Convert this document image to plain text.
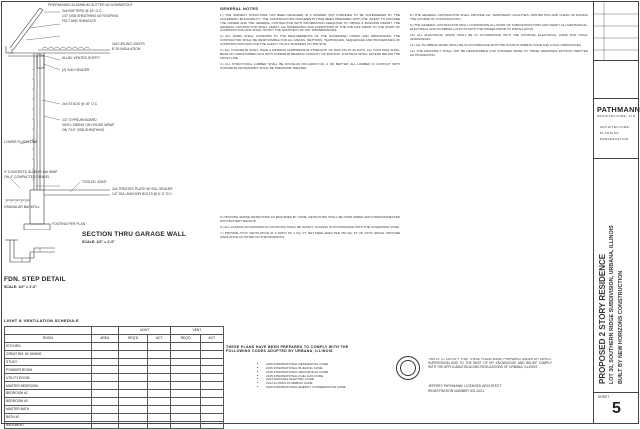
PREFINISHED ALUMINUM GUTTER W/ DOWNSPOUT
2x6 RAFTERS @ 16" O.C.
1/2" OSB SHEATHING W/ ROOFING
FELT AND SHINGLES
ALUM. VENTED SOFFIT
(2) 2x10 HEADER
2x4 STUDS @ 16" O.C.
1/2" GYPSUM BOARD
VINYL SIDING ON HOUSE WRAP
ON 7/16" OSB SHEATHING
4" CONCRETE SLAB W/ 6x6 WWF
ON 4" COMPACTED GRAVEL
TOOLED JOINT
2x4 TREATED PLATE W/ SILL SEALER
1/2" DIA. ANCHOR BOLTS @ 6'-0" O.C.
GRANULAR BACKFILL
FOOTING PER PLAN
2x6 CEILING JOISTS
R-30 INSULATION
LOWER FLOOR LINE
SECTION THRU GARAGE WALL
SCALE: 1/2" = 1'-0"
FDN. STEP DETAIL
SCALE: 1/2" = 1'-0"
LIGHT & VENTILATION SCHEDULE
		LIGHT		VENT.	
ROOM	AREA	REQ'D	ACT.	REQ'D	ACT.
KITCHEN					
GREAT RM. W/ DINING					
STUDY					
POWDER ROOM					
UTILITY ROOM					
MASTER BEDROOM					
BEDROOM #2					
BEDROOM #3					
MASTER BATH					
BATH #2					
BASEMENT					
GENERAL NOTES

1.) THE SUBJECT STRUCTURE HAS BEEN DESIGNED IN A MANNER NOT INTENDED TO BE SUPERSEDED BY THE GOVERNING MUNICIPALITY. THE CONSTRUCTION DOCUMENTS HAVE BEEN PREPARED WITH THE INTENT TO PROVIDE THE OWNER AND THE GENERAL CONTRACTOR WITH INFORMATION ADEQUATE TO OBTAIN A BUILDING PERMIT. THE GENERAL CONTRACTOR SHALL VERIFY ALL DIMENSIONS AND CONDITIONS AT THE JOB SITE PRIOR TO THE START OF CONSTRUCTION AND SHALL NOTIFY THE ARCHITECT OF ANY DISCREPANCIES.

2.) ALL WORK SHALL CONFORM TO THE REQUIREMENTS OF THE GOVERNING CODES AND ORDINANCES. THE CONTRACTOR SHALL BE RESPONSIBLE FOR ALL MEANS, METHODS, TECHNIQUES, SEQUENCES AND PROCEDURES OF CONSTRUCTION AND FOR THE SAFETY OF ALL WORKERS ON THE SITE.

3.) ALL CONCRETE SHALL HAVE A MINIMUM COMPRESSIVE STRENGTH OF 3000 PSI AT 28 DAYS. ALL FOOTINGS SHALL BEAR ON UNDISTURBED SOIL WITH A MINIMUM BEARING CAPACITY OF 3000 PSF. FOOTINGS SHALL EXTEND BELOW THE FROST LINE.

4.) ALL STRUCTURAL LUMBER SHALL BE DOUGLAS FIR-LARCH NO. 2 OR BETTER. ALL LUMBER IN CONTACT WITH CONCRETE OR MASONRY SHALL BE PRESSURE TREATED.

5.) PROVIDE SMOKE DETECTORS AS REQUIRED BY CODE. DETECTORS SHALL BE HARD WIRED AND INTERCONNECTED WITH BATTERY BACKUP.

6.) ALL GLAZING IN HAZARDOUS LOCATIONS SHALL BE SAFETY GLAZING IN ACCORDANCE WITH THE GOVERNING CODE.

7.) PROVIDE ATTIC VENTILATION AT A RATIO OF 1 SQ. FT. NET FREE AREA PER 150 SQ. FT. OF ATTIC SPACE. PROVIDE INSULATION AS NOTED ON THE DRAWINGS.

THESE PLANS HAVE BEEN PREPARED TO COMPLY WITH THE FOLLOWING CODES ADOPTED BY URBANA, ILLINOIS
• 2015 INTERNATIONAL RESIDENTIAL CODE
• 2015 INTERNATIONAL BUILDING CODE
• 2015 INTERNATIONAL MECHANICAL CODE
• 2015 INTERNATIONAL FUEL GAS CODE
• 2014 NATIONAL ELECTRIC CODE
• 2014 ILLINOIS PLUMBING CODE
• 2015 INTERNATIONAL ENERGY CONSERVATION CODE

8.) THE GENERAL CONTRACTOR SHALL PROVIDE ALL TEMPORARY FACILITIES, PROTECTION AND CLEAN UP DURING THE COURSE OF CONSTRUCTION.

9.) THE GENERAL CONTRACTOR SHALL COORDINATE ALL WORK OF SUBCONTRACTORS AND VERIFY ALL MECHANICAL, ELECTRICAL AND PLUMBING LAYOUTS WITH THE OWNER PRIOR TO INSTALLATION.

10.) ALL ELECTRICAL WORK SHALL BE IN ACCORDANCE WITH THE NATIONAL ELECTRICAL CODE AND LOCAL ORDINANCES.

11.) ALL PLUMBING WORK SHALL BE IN ACCORDANCE WITH THE STATE PLUMBING CODE AND LOCAL ORDINANCES.

12.) THE ARCHITECT SHALL NOT BE RESPONSIBLE FOR CHANGES MADE TO THESE DRAWINGS WITHOUT WRITTEN AUTHORIZATION.

THIS IS TO CERTIFY THAT THESE PLANS WERE PREPARED UNDER MY DIRECT SUPERVISION AND TO THE BEST OF MY KNOWLEDGE AND BELIEF COMPLY WITH THE APPLICABLE BUILDING REGULATIONS OF URBANA, ILLINOIS
JEFFREY PATHMANN, LICENSED ARCHITECT
REGISTRATION NUMBER 001-1021
PATHMANN
ARCHITECTURE, LTD.
ARCHITECTURE
PLANNING
PRESERVATION
PROPOSED 2 STORY RESIDENCE LOT 30, SOUTHERN RIDGE SUBDIVISION, URBANA, ILLINOIS BUILT BY NEW HORIZONS CONSTRUCTION
SHEET
5
